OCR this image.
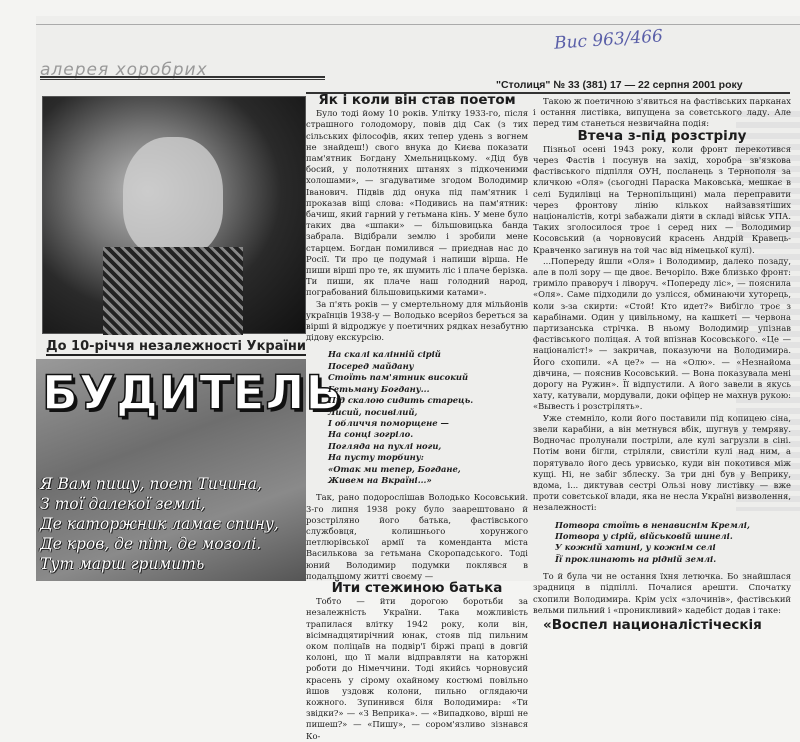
Вис 963/466
алерея хоробрих
"Столиця" № 33 (381) 17 — 22 серпня 2001 року
До 10-річчя незалежності України
БУДИТЕЛЬ
Я Вам пишу, поет Тичина,
З тої далекої землі,
Де каторжник ламає спину,
Де кров, де піт, де мозолі.
Тут марш гримить
Як і коли він став поетом

Було тоді йому 10 років. Улітку 1933-го, після страшного голодомору, повів дід Сак (з тих сільських філософів, яких тепер удень з вогнем не знайдеш!) свого внука до Києва показати пам'ятник Богдану Хмельницькому. «Дід був босий, у полотняних штанях з підкоченими холошами», — згадуватиме згодом Володимир Іванович. Підвів дід онука під пам'ятник і проказав віщі слова: «Подивись на пам'ятник: бачиш, який гарний у гетьмана кінь. У мене було таких два «шпаки» — більшовицька банда забрала. Відібрали землю і зробили мене старцем. Богдан помилився — приєднав нас до Росії. Ти про це подумай і напиши вірша. Не пиши віршi про те, як шумить ліс і плаче берізка. Ти пиши, як плаче наш голодний народ, пограбований більшовицькими катами».

За п'ять років — у смертельному для мільйонів українців 1938-у — Володько всерйоз береться за вірші й відроджує у поетичних рядках незабутню дідову екскурсію.

На скалі каліннiй сірій
Посеред майдану
Стоїть пам'ятник високий
Гетьману Богдану...
Під скалою сидить старець.
Лисий, посивілий,
І обличчя поморщене —
На сонці зогріло.
Погляда на пухлі ноги,
На пусту торбину:
«Отак ми тепер, Богдане,
Живем на Вкраїні...»

Так, рано подорослішав Володько Косовський. 3-го липня 1938 року було заарештовано й розстріляно його батька, фастівського службовця, колишнього хорунжого петлюрівської армії та коменданта міста Василькова за гетьмана Скоропадського. Тоді юний Володимир подумки поклявся в подальшому житті своєму —

Йти стежиною батька

Тобто — йти дорогою боротьби за незалежність України. Така можливість трапилася влітку 1942 року, коли він, вісімнадцятирічний юнак, стояв під пильним оком поліцаїв на подвір'ї біржі праці в довгій колоні, що її мали відправляти на каторжні роботи до Німеччини. Тоді якийсь чорновусий красень у сірому охайному костюмі повільно йшов уздовж колони, пильно оглядаючи кожного. Зупинився біля Володимира: «Ти звідки?» — «З Веприка». — «Випадково, вірші не пишеш?» — «Пишу», — сором'язливо зізнався Ко-

Такою ж поетичною з'явиться на фастівських парканах і остання листівка, випущена за совєтського ладу. Але перед тим станеться незвичайна подія:

Втеча з-під розстрілу

Пізньої осені 1943 року, коли фронт перекотився через Фастів і посунув на захід, хоробра зв'язкова фастівського підпілля ОУН, посланець з Тернополя за кличкою «Оля» (сьогодні Параска Маковська, мешкає в селі Будилівці на Тернопільщині) мала переправити через фронтову лінію кількох найзавзятіших націоналістів, котрі забажали діяти в складі військ УПА. Таких зголосилося троє і серед них — Володимир Косовський (а чорновусий красень Андрій Кравець-Кравченко загинув на той час від німецької кулі).

...Попереду йшли «Оля» і Володимир, далеко позаду, але в полі зору — ще двоє. Вечоріло. Вже близько фронт: гриміло праворуч і ліворуч. «Попереду ліс», — пояснила «Оля». Саме підходили до узлісся, обминаючи хуторець, коли з-за скирти: «Стой! Кто идет?» Вибігло троє з карабінами. Один у цивільному, на кашкеті — червона партизанська стрічка. В ньому Володимир упізнав фастівського поліцая. А той впізнав Косовського. «Це — націоналіст!» — закричав, показуючи на Володимира. Його схопили. «А це?» — на «Олю». — «Незнайома дівчина, — пояснив Косовський. — Вона показувала мені дорогу на Ружин». Її відпустили. А його завели в якусь хату, катували, мордували, доки офіцер не махнув рукою: «Вывесть і розстрілять».

Уже стемніло, коли його поставили під копицею сіна, звели карабіни, а він метнувся вбік, шугнув у темряву. Водночас пролунали постріли, але кулі загрузли в сіні. Потім вони бігли, стріляли, свистіли кулі над ним, а порятувало його десь урвисько, куди він покотився між кущі. Ні, не забіг зблеску. За три дні був у Веприку, вдома, і... диктував сестрі Ользі нову листівку — вже проти совєтської влади, яка не несла Україні визволення, незалежності:

Потвора стоїть в ненависнім Кремлі,
Потвора у сірій, військовій шинелі.
У кожній хатині, у кожнім селі
Її проклинають на рідній землі.

То й була чи не остання їхня летючка. Бо знайшлася зрадниця в підпіллі. Почалися арешти. Спочатку схопили Володимира. Крім усіх «злочинів», фастівський вельми пильний і «проникливий» кадебіст додав і таке:

«Воспел националістіческія
